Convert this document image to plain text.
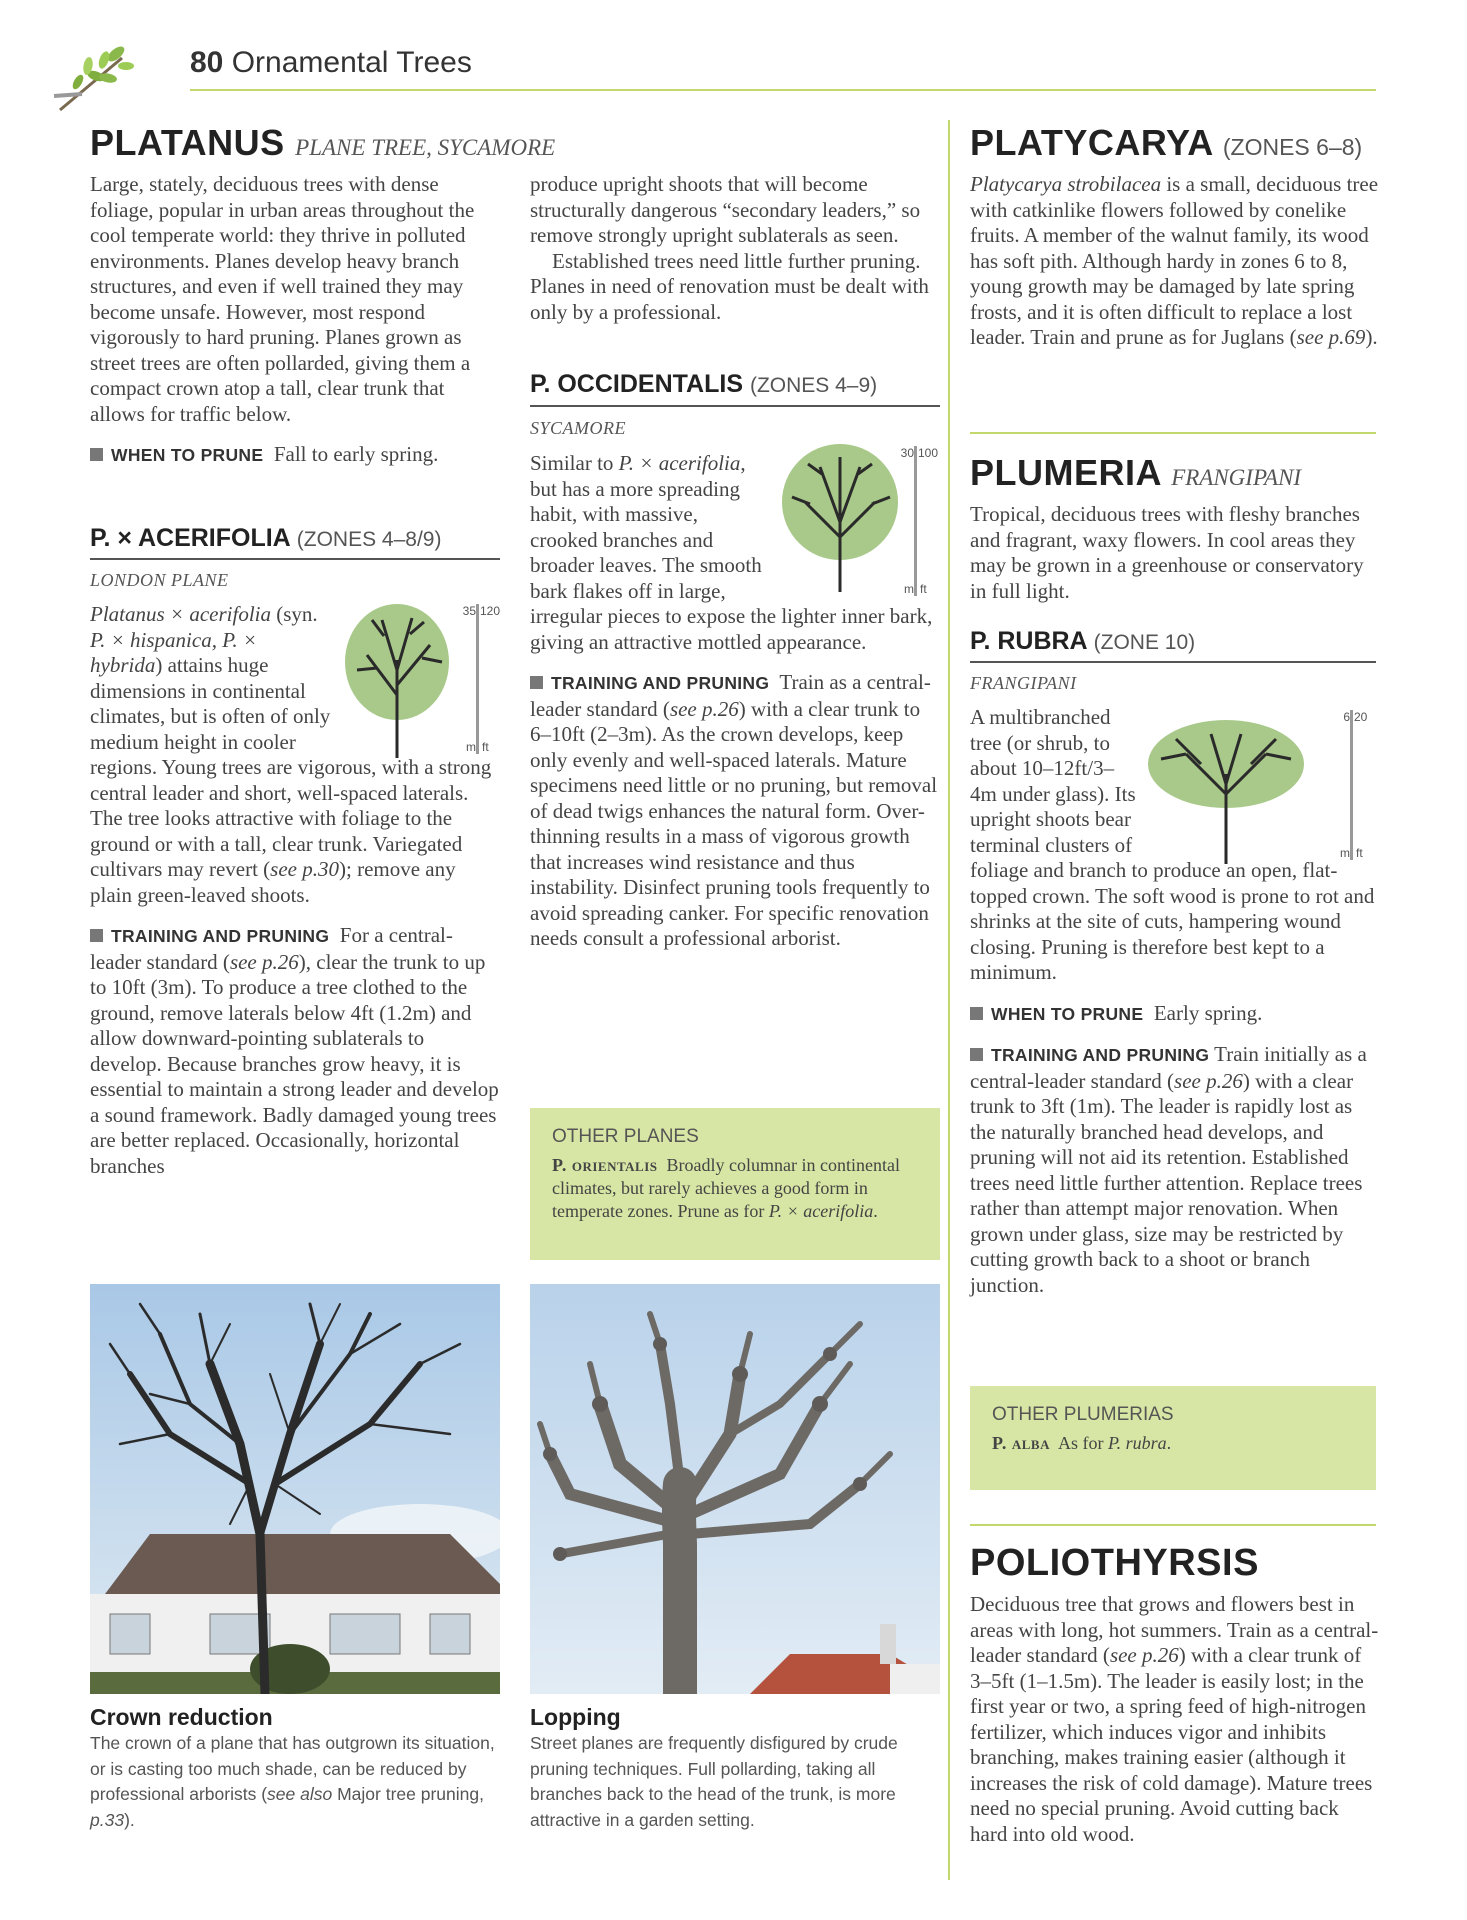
80 Ornamental Trees
PLATANUS PLANE TREE, SYCAMORE

Large, stately, deciduous trees with dense foliage, popular in urban areas throughout the cool temperate world: they thrive in polluted environments. Planes develop heavy branch structures, and even if well trained they may become unsafe. However, most respond vigorously to hard pruning. Planes grown as street trees are often pollarded, giving them a compact crown atop a tall, clear trunk that allows for traffic below.

WHEN TO PRUNE Fall to early spring.

P. × ACERIFOLIA (ZONES 4–8/9)
LONDON PLANE
35 120
m ft

Platanus × acerifolia (syn. P. × hispanica, P. × hybrida) attains huge dimensions in continental climates, but is often of only medium height in cooler regions. Young trees are vigorous, with a strong central leader and short, well-spaced laterals. The tree looks attractive with foliage to the ground or with a tall, clear trunk. Variegated cultivars may revert (see p.30); remove any plain green-leaved shoots.

TRAINING AND PRUNING For a central-leader standard (see p.26), clear the trunk to up to 10ft (3m). To produce a tree clothed to the ground, remove laterals below 4ft (1.2m) and allow downward-pointing sublaterals to develop. Because branches grow heavy, it is essential to maintain a strong leader and develop a sound framework. Badly damaged young trees are better replaced. Occasionally, horizontal branches

produce upright shoots that will become structurally dangerous “secondary leaders,” so remove strongly upright sublaterals as seen.

Established trees need little further pruning. Planes in need of renovation must be dealt with only by a professional.

P. OCCIDENTALIS (ZONES 4–9)
SYCAMORE
30 100
m ft

Similar to P. × acerifolia, but has a more spreading habit, with massive, crooked branches and broader leaves. The smooth bark flakes off in large, irregular pieces to expose the lighter inner bark, giving an attractive mottled appearance.

TRAINING AND PRUNING Train as a central-leader standard (see p.26) with a clear trunk to 6–10ft (2–3m). As the crown develops, keep only evenly and well-spaced laterals. Mature specimens need little or no pruning, but removal of dead twigs enhances the natural form. Over-thinning results in a mass of vigorous growth that increases wind resistance and thus instability. Disinfect pruning tools frequently to avoid spreading canker. For specific renovation needs consult a professional arborist.

OTHER PLANES
P. orientalis Broadly columnar in continental climates, but rarely achieves a good form in temperate zones. Prune as for P. × acerifolia.
Crown reduction
The crown of a plane that has outgrown its situation, or is casting too much shade, can be reduced by professional arborists (see also Major tree pruning, p.33).
Lopping
Street planes are frequently disfigured by crude pruning techniques. Full pollarding, taking all branches back to the head of the trunk, is more attractive in a garden setting.
PLATYCARYA (ZONES 6–8)

Platycarya strobilacea is a small, deciduous tree with catkinlike flowers followed by conelike fruits. A member of the walnut family, its wood has soft pith. Although hardy in zones 6 to 8, young growth may be damaged by late spring frosts, and it is often difficult to replace a lost leader. Train and prune as for Juglans (see p.69).

PLUMERIA FRANGIPANI
Tropical, deciduous trees with fleshy branches and fragrant, waxy flowers. In cool areas they may be grown in a greenhouse or conservatory in full light.
P. RUBRA (ZONE 10)
FRANGIPANI
6 20
m ft

A multibranched tree (or shrub, to about 10–12ft/3–4m under glass). Its upright shoots bear terminal clusters of foliage and branch to produce an open, flat-topped crown. The soft wood is prone to rot and shrinks at the site of cuts, hampering wound closing. Pruning is therefore best kept to a minimum.

WHEN TO PRUNE Early spring.

TRAINING AND PRUNING Train initially as a central-leader standard (see p.26) with a clear trunk to 3ft (1m). The leader is rapidly lost as the naturally branched head develops, and pruning will not aid its retention. Established trees need little further attention. Replace trees rather than attempt major renovation. When grown under glass, size may be restricted by cutting growth back to a shoot or branch junction.

OTHER PLUMERIAS
P. alba As for P. rubra.
POLIOTHYRSIS

Deciduous tree that grows and flowers best in areas with long, hot summers. Train as a central-leader standard (see p.26) with a clear trunk of 3–5ft (1–1.5m). The leader is easily lost; in the first year or two, a spring feed of high-nitrogen fertilizer, which induces vigor and inhibits branching, makes training easier (although it increases the risk of cold damage). Mature trees need no special pruning. Avoid cutting back hard into old wood.
